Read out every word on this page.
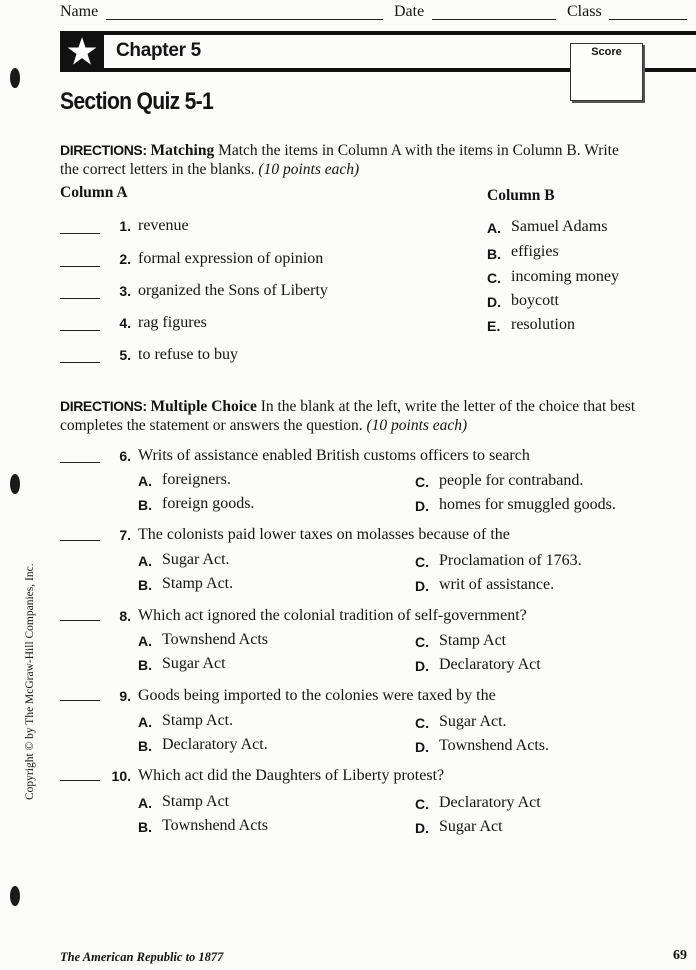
Name	Date	Class
Chapter 5	Score
Section Quiz 5-1
DIRECTIONS: Matching Match the items in Column A with the items in Column B. Write the correct letters in the blanks. (10 points each)
Column A	Column B
1. revenue
2. formal expression of opinion
3. organized the Sons of Liberty
4. rag figures
5. to refuse to buy
A. Samuel Adams
B. effigies
C. incoming money
D. boycott
E. resolution
DIRECTIONS: Multiple Choice In the blank at the left, write the letter of the choice that best completes the statement or answers the question. (10 points each)
6. Writs of assistance enabled British customs officers to search
A. foreigners.
B. foreign goods.
C. people for contraband.
D. homes for smuggled goods.
7. The colonists paid lower taxes on molasses because of the
A. Sugar Act.
B. Stamp Act.
C. Proclamation of 1763.
D. writ of assistance.
8. Which act ignored the colonial tradition of self-government?
A. Townshend Acts
B. Sugar Act
C. Stamp Act
D. Declaratory Act
9. Goods being imported to the colonies were taxed by the
A. Stamp Act.
B. Declaratory Act.
C. Sugar Act.
D. Townshend Acts.
10. Which act did the Daughters of Liberty protest?
A. Stamp Act
B. Townshend Acts
C. Declaratory Act
D. Sugar Act
Copyright © by The McGraw-Hill Companies, Inc.
The American Republic to 1877	69
